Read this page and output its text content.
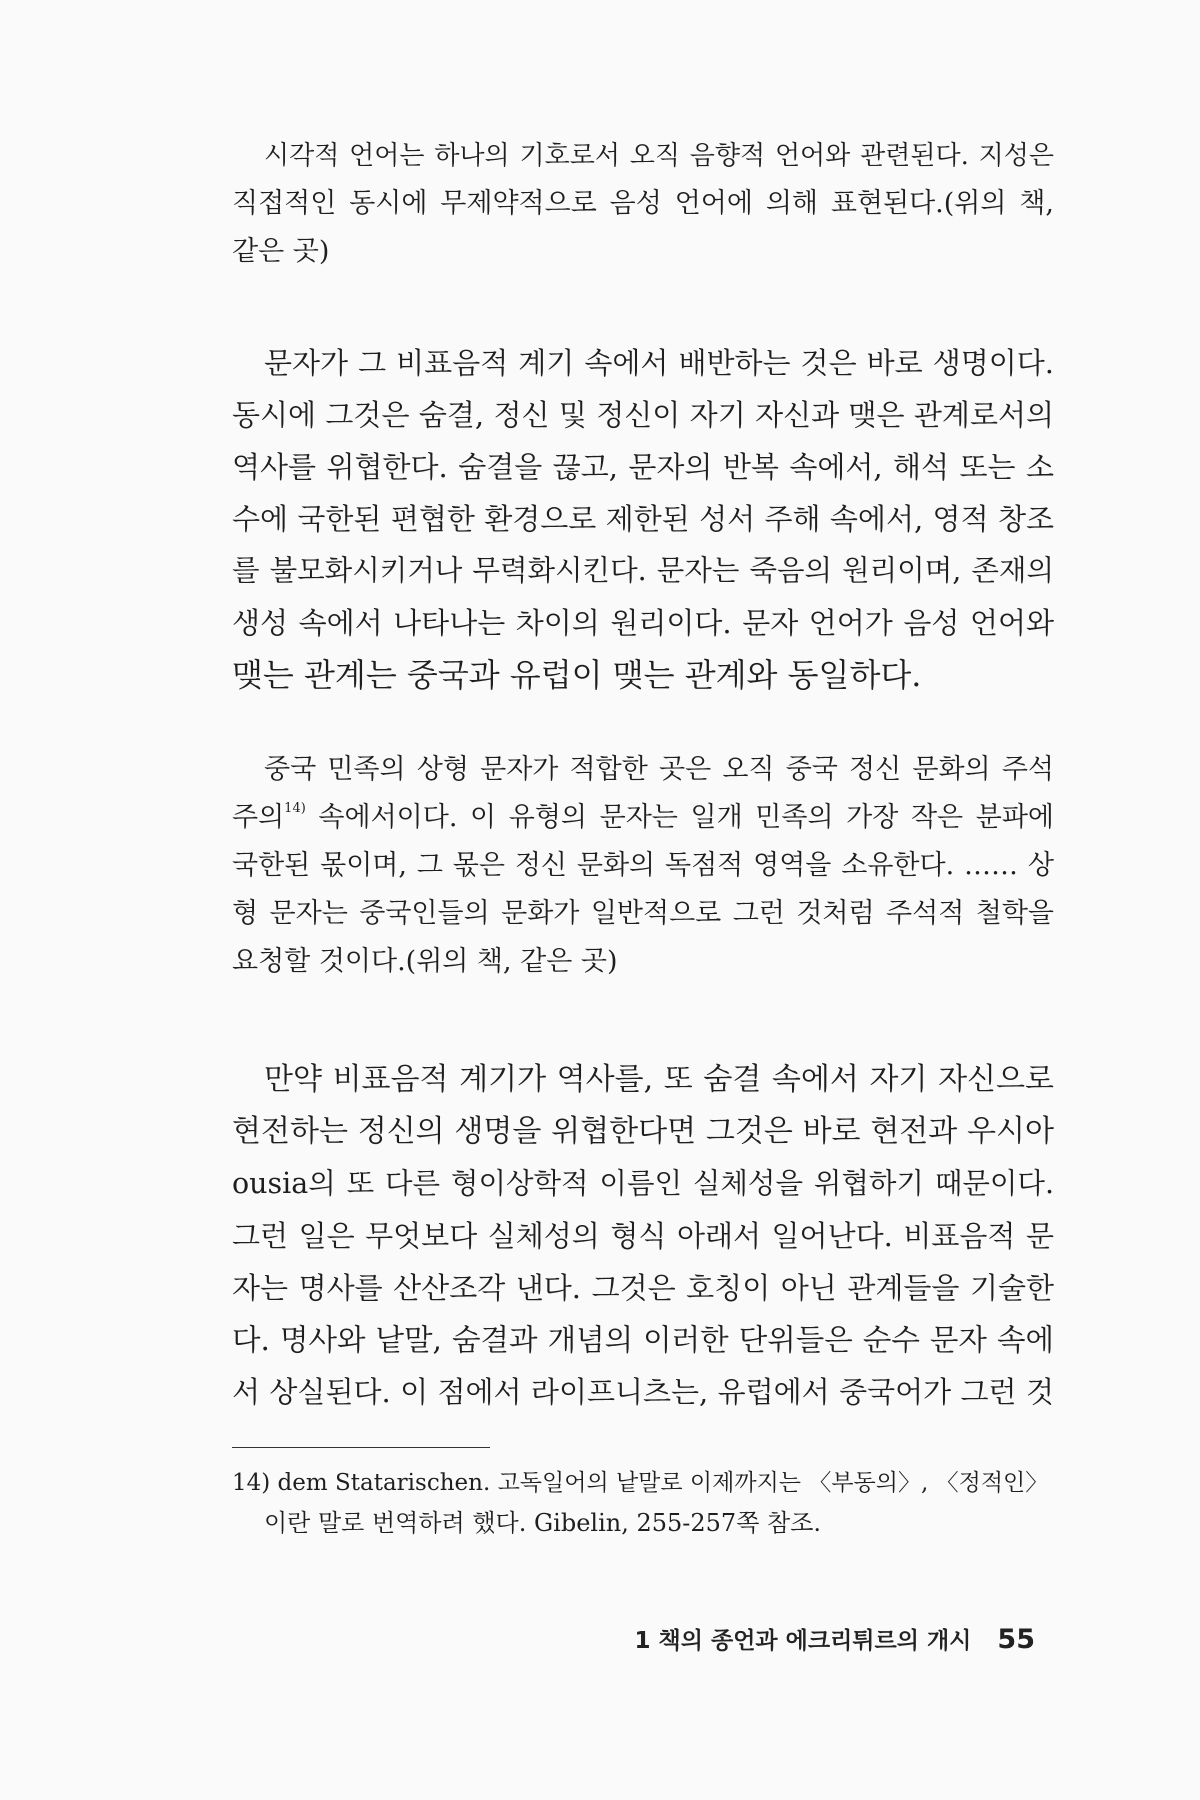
시각적 언어는 하나의 기호로서 오직 음향적 언어와 관련된다. 지성은
직접적인 동시에 무제약적으로 음성 언어에 의해 표현된다.(위의 책,
같은 곳)
문자가 그 비표음적 계기 속에서 배반하는 것은 바로 생명이다.
동시에 그것은 숨결, 정신 및 정신이 자기 자신과 맺은 관계로서의
역사를 위협한다. 숨결을 끊고, 문자의 반복 속에서, 해석 또는 소
수에 국한된 편협한 환경으로 제한된 성서 주해 속에서, 영적 창조
를 불모화시키거나 무력화시킨다. 문자는 죽음의 원리이며, 존재의
생성 속에서 나타나는 차이의 원리이다. 문자 언어가 음성 언어와
맺는 관계는 중국과 유럽이 맺는 관계와 동일하다.
중국 민족의 상형 문자가 적합한 곳은 오직 중국 정신 문화의 주석
주의$^{14)}$ 속에서이다. 이 유형의 문자는 일개 민족의 가장 작은 분파에
국한된 몫이며, 그 몫은 정신 문화의 독점적 영역을 소유한다. …… 상
형 문자는 중국인들의 문화가 일반적으로 그런 것처럼 주석적 철학을
요청할 것이다.(위의 책, 같은 곳)
만약 비표음적 계기가 역사를, 또 숨결 속에서 자기 자신으로
현전하는 정신의 생명을 위협한다면 그것은 바로 현전과 우시아
ousia의 또 다른 형이상학적 이름인 실체성을 위협하기 때문이다.
그런 일은 무엇보다 실체성의 형식 아래서 일어난다. 비표음적 문
자는 명사를 산산조각 낸다. 그것은 호칭이 아닌 관계들을 기술한
다. 명사와 낱말, 숨결과 개념의 이러한 단위들은 순수 문자 속에
서 상실된다. 이 점에서 라이프니츠는, 유럽에서 중국어가 그런 것
14) dem Statarischen. 고독일어의 낱말로 이제까지는 〈부동의〉, 〈정적인〉
이란 말로 번역하려 했다. Gibelin, 255-257쪽 참조.
1 책의 종언과 에크리튀르의 개시 55
